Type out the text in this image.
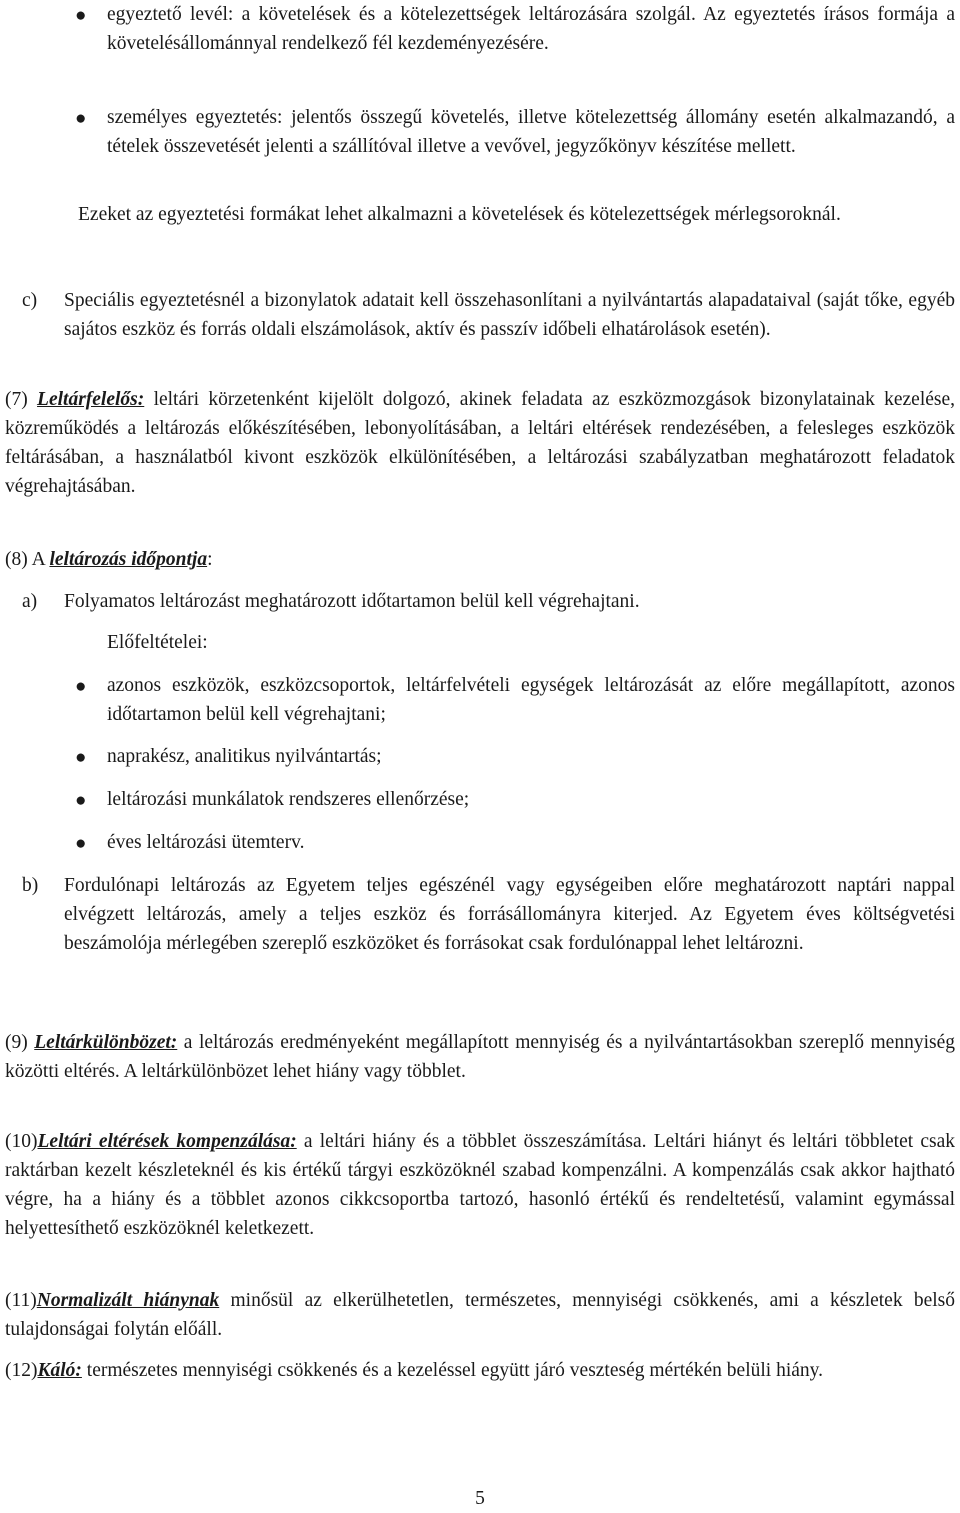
● egyeztető levél: a követelések és a kötelezettségek leltározására szolgál. Az egyeztetés írásos formája a követelésállománnyal rendelkező fél kezdeményezésére.
● személyes egyeztetés: jelentős összegű követelés, illetve kötelezettség állomány esetén alkalmazandó, a tételek összevetését jelenti a szállítóval illetve a vevővel, jegyzőkönyv készítése mellett.
Ezeket az egyeztetési formákat lehet alkalmazni a követelések és kötelezettségek mérlegsoroknál.
c) Speciális egyeztetésnél a bizonylatok adatait kell összehasonlítani a nyilvántartás alapadataival (saját tőke, egyéb sajátos eszköz és forrás oldali elszámolások, aktív és passzív időbeli elhatárolások esetén).
(7) Leltárfelelős: leltári körzetenként kijelölt dolgozó, akinek feladata az eszközmozgások bizonylatainak kezelése, közreműködés a leltározás előkészítésében, lebonyolításában, a leltári eltérések rendezésében, a felesleges eszközök feltárásában, a használatból kivont eszközök elkülönítésében, a leltározási szabályzatban meghatározott feladatok végrehajtásában.
(8) A leltározás időpontja:
a) Folyamatos leltározást meghatározott időtartamon belül kell végrehajtani.
Előfeltételei:
● azonos eszközök, eszközcsoportok, leltárfelvételi egységek leltározását az előre megállapított, azonos időtartamon belül kell végrehajtani;
● naprakész, analitikus nyilvántartás;
● leltározási munkálatok rendszeres ellenőrzése;
● éves leltározási ütemterv.
b) Fordulónapi leltározás az Egyetem teljes egészénél vagy egységeiben előre meghatározott naptári nappal elvégzett leltározás, amely a teljes eszköz és forrásállományra kiterjed. Az Egyetem éves költségvetési beszámolója mérlegében szereplő eszközöket és forrásokat csak fordulónappal lehet leltározni.
(9) Leltárkülönbözet: a leltározás eredményeként megállapított mennyiség és a nyilvántartásokban szereplő mennyiség közötti eltérés. A leltárkülönbözet lehet hiány vagy többlet.
(10)Leltári eltérések kompenzálása: a leltári hiány és a többlet összeszámítása. Leltári hiányt és leltári többletet csak raktárban kezelt készleteknél és kis értékű tárgyi eszközöknél szabad kompenzálni. A kompenzálás csak akkor hajtható végre, ha a hiány és a többlet azonos cikkcsoportba tartozó, hasonló értékű és rendeltetésű, valamint egymással helyettesíthető eszközöknél keletkezett.
(11)Normalizált hiánynak minősül az elkerülhetetlen, természetes, mennyiségi csökkenés, ami a készletek belső tulajdonságai folytán előáll.
(12)Káló: természetes mennyiségi csökkenés és a kezeléssel együtt járó veszteség mértékén belüli hiány.
5
